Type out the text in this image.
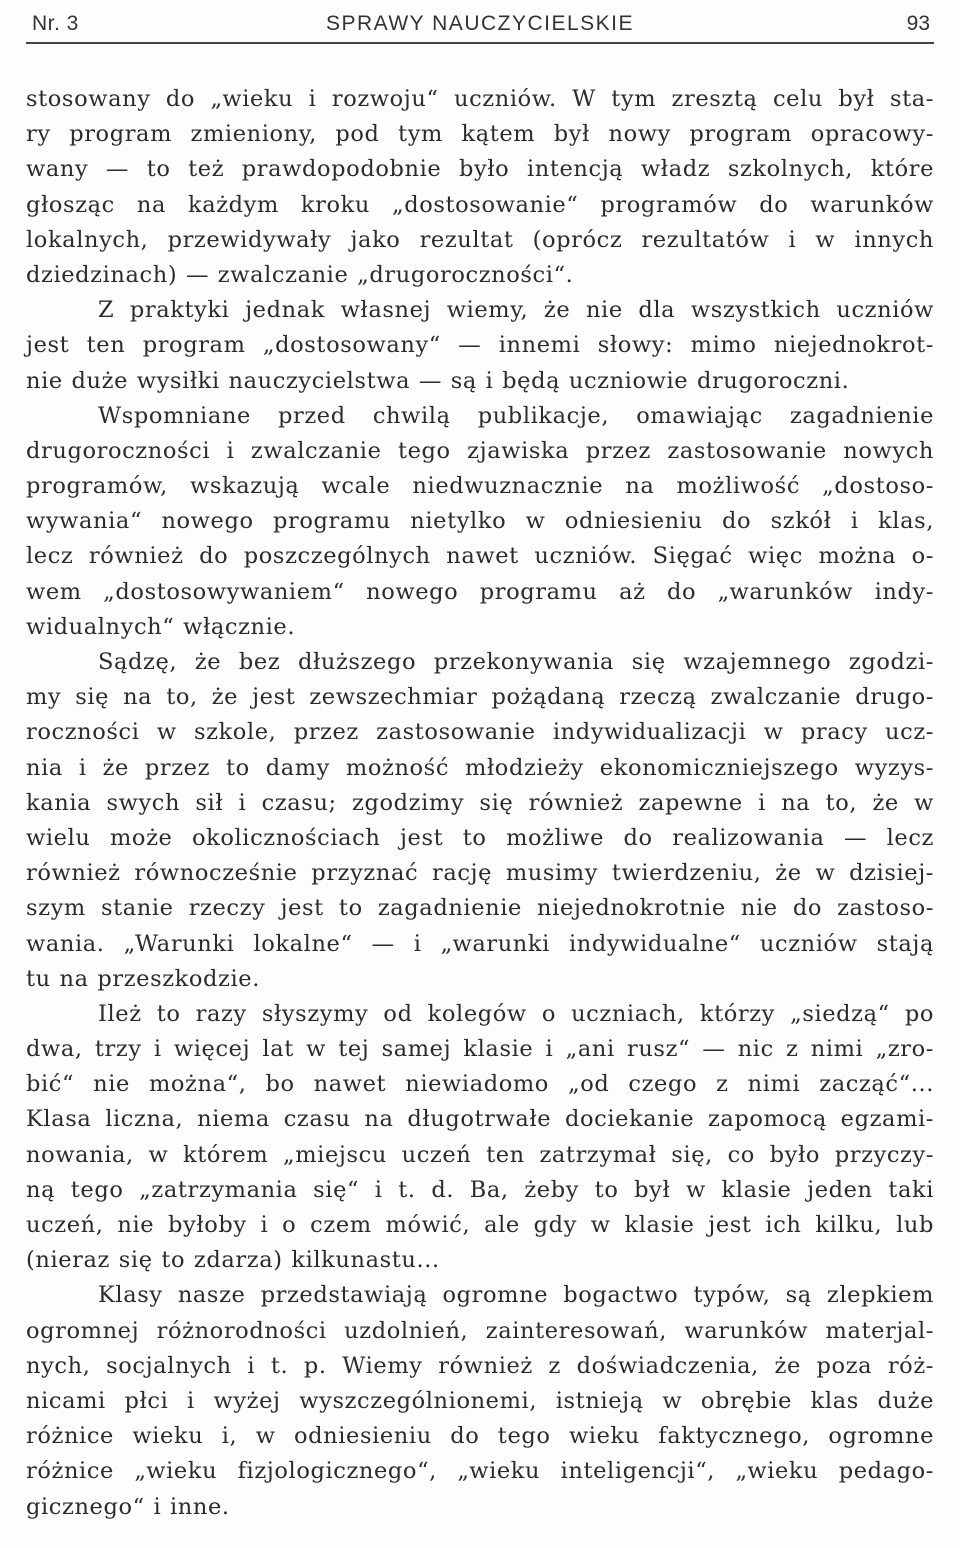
Nr. 3	SPRAWY NAUCZYCIELSKIE	93
stosowany do „wieku i rozwoju“ uczniów. W tym zresztą celu był sta-
ry program zmieniony, pod tym kątem był nowy program opracowy-
wany — to też prawdopodobnie było intencją władz szkolnych, które
głosząc na każdym kroku „dostosowanie“ programów do warunków
lokalnych, przewidywały jako rezultat (oprócz rezultatów i w innych
dziedzinach) — zwalczanie „drugoroczności“.
Z praktyki jednak własnej wiemy, że nie dla wszystkich uczniów
jest ten program „dostosowany“ — innemi słowy: mimo niejednokrot-
nie duże wysiłki nauczycielstwa — są i będą uczniowie drugoroczni.
Wspomniane przed chwilą publikacje, omawiając zagadnienie
drugoroczności i zwalczanie tego zjawiska przez zastosowanie nowych
programów, wskazują wcale niedwuznacznie na możliwość „dostoso-
wywania“ nowego programu nietylko w odniesieniu do szkół i klas,
lecz również do poszczególnych nawet uczniów. Sięgać więc można o-
wem „dostosowywaniem“ nowego programu aż do „warunków indy-
widualnych“ włącznie.
Sądzę, że bez dłuższego przekonywania się wzajemnego zgodzi-
my się na to, że jest zewszechmiar pożądaną rzeczą zwalczanie drugo-
roczności w szkole, przez zastosowanie indywidualizacji w pracy ucz-
nia i że przez to damy możność młodzieży ekonomiczniejszego wyzys-
kania swych sił i czasu; zgodzimy się również zapewne i na to, że w
wielu może okolicznościach jest to możliwe do realizowania — lecz
również równocześnie przyznać rację musimy twierdzeniu, że w dzisiej-
szym stanie rzeczy jest to zagadnienie niejednokrotnie nie do zastoso-
wania. „Warunki lokalne“ — i „warunki indywidualne“ uczniów stają
tu na przeszkodzie.
Ileż to razy słyszymy od kolegów o uczniach, którzy „siedzą“ po
dwa, trzy i więcej lat w tej samej klasie i „ani rusz“ — nic z nimi „zro-
bić“ nie można“, bo nawet niewiadomo „od czego z nimi zacząć“...
Klasa liczna, niema czasu na długotrwałe dociekanie zapomocą egzami-
nowania, w którem „miejscu uczeń ten zatrzymał się, co było przyczy-
ną tego „zatrzymania się“ i t. d. Ba, żeby to był w klasie jeden taki
uczeń, nie byłoby i o czem mówić, ale gdy w klasie jest ich kilku, lub
(nieraz się to zdarza) kilkunastu...
Klasy nasze przedstawiają ogromne bogactwo typów, są zlepkiem
ogromnej różnorodności uzdolnień, zainteresowań, warunków materjal-
nych, socjalnych i t. p. Wiemy również z doświadczenia, że poza róż-
nicami płci i wyżej wyszczególnionemi, istnieją w obrębie klas duże
różnice wieku i, w odniesieniu do tego wieku faktycznego, ogromne
różnice „wieku fizjologicznego“, „wieku inteligencji“, „wieku pedago-
gicznego“ i inne.
